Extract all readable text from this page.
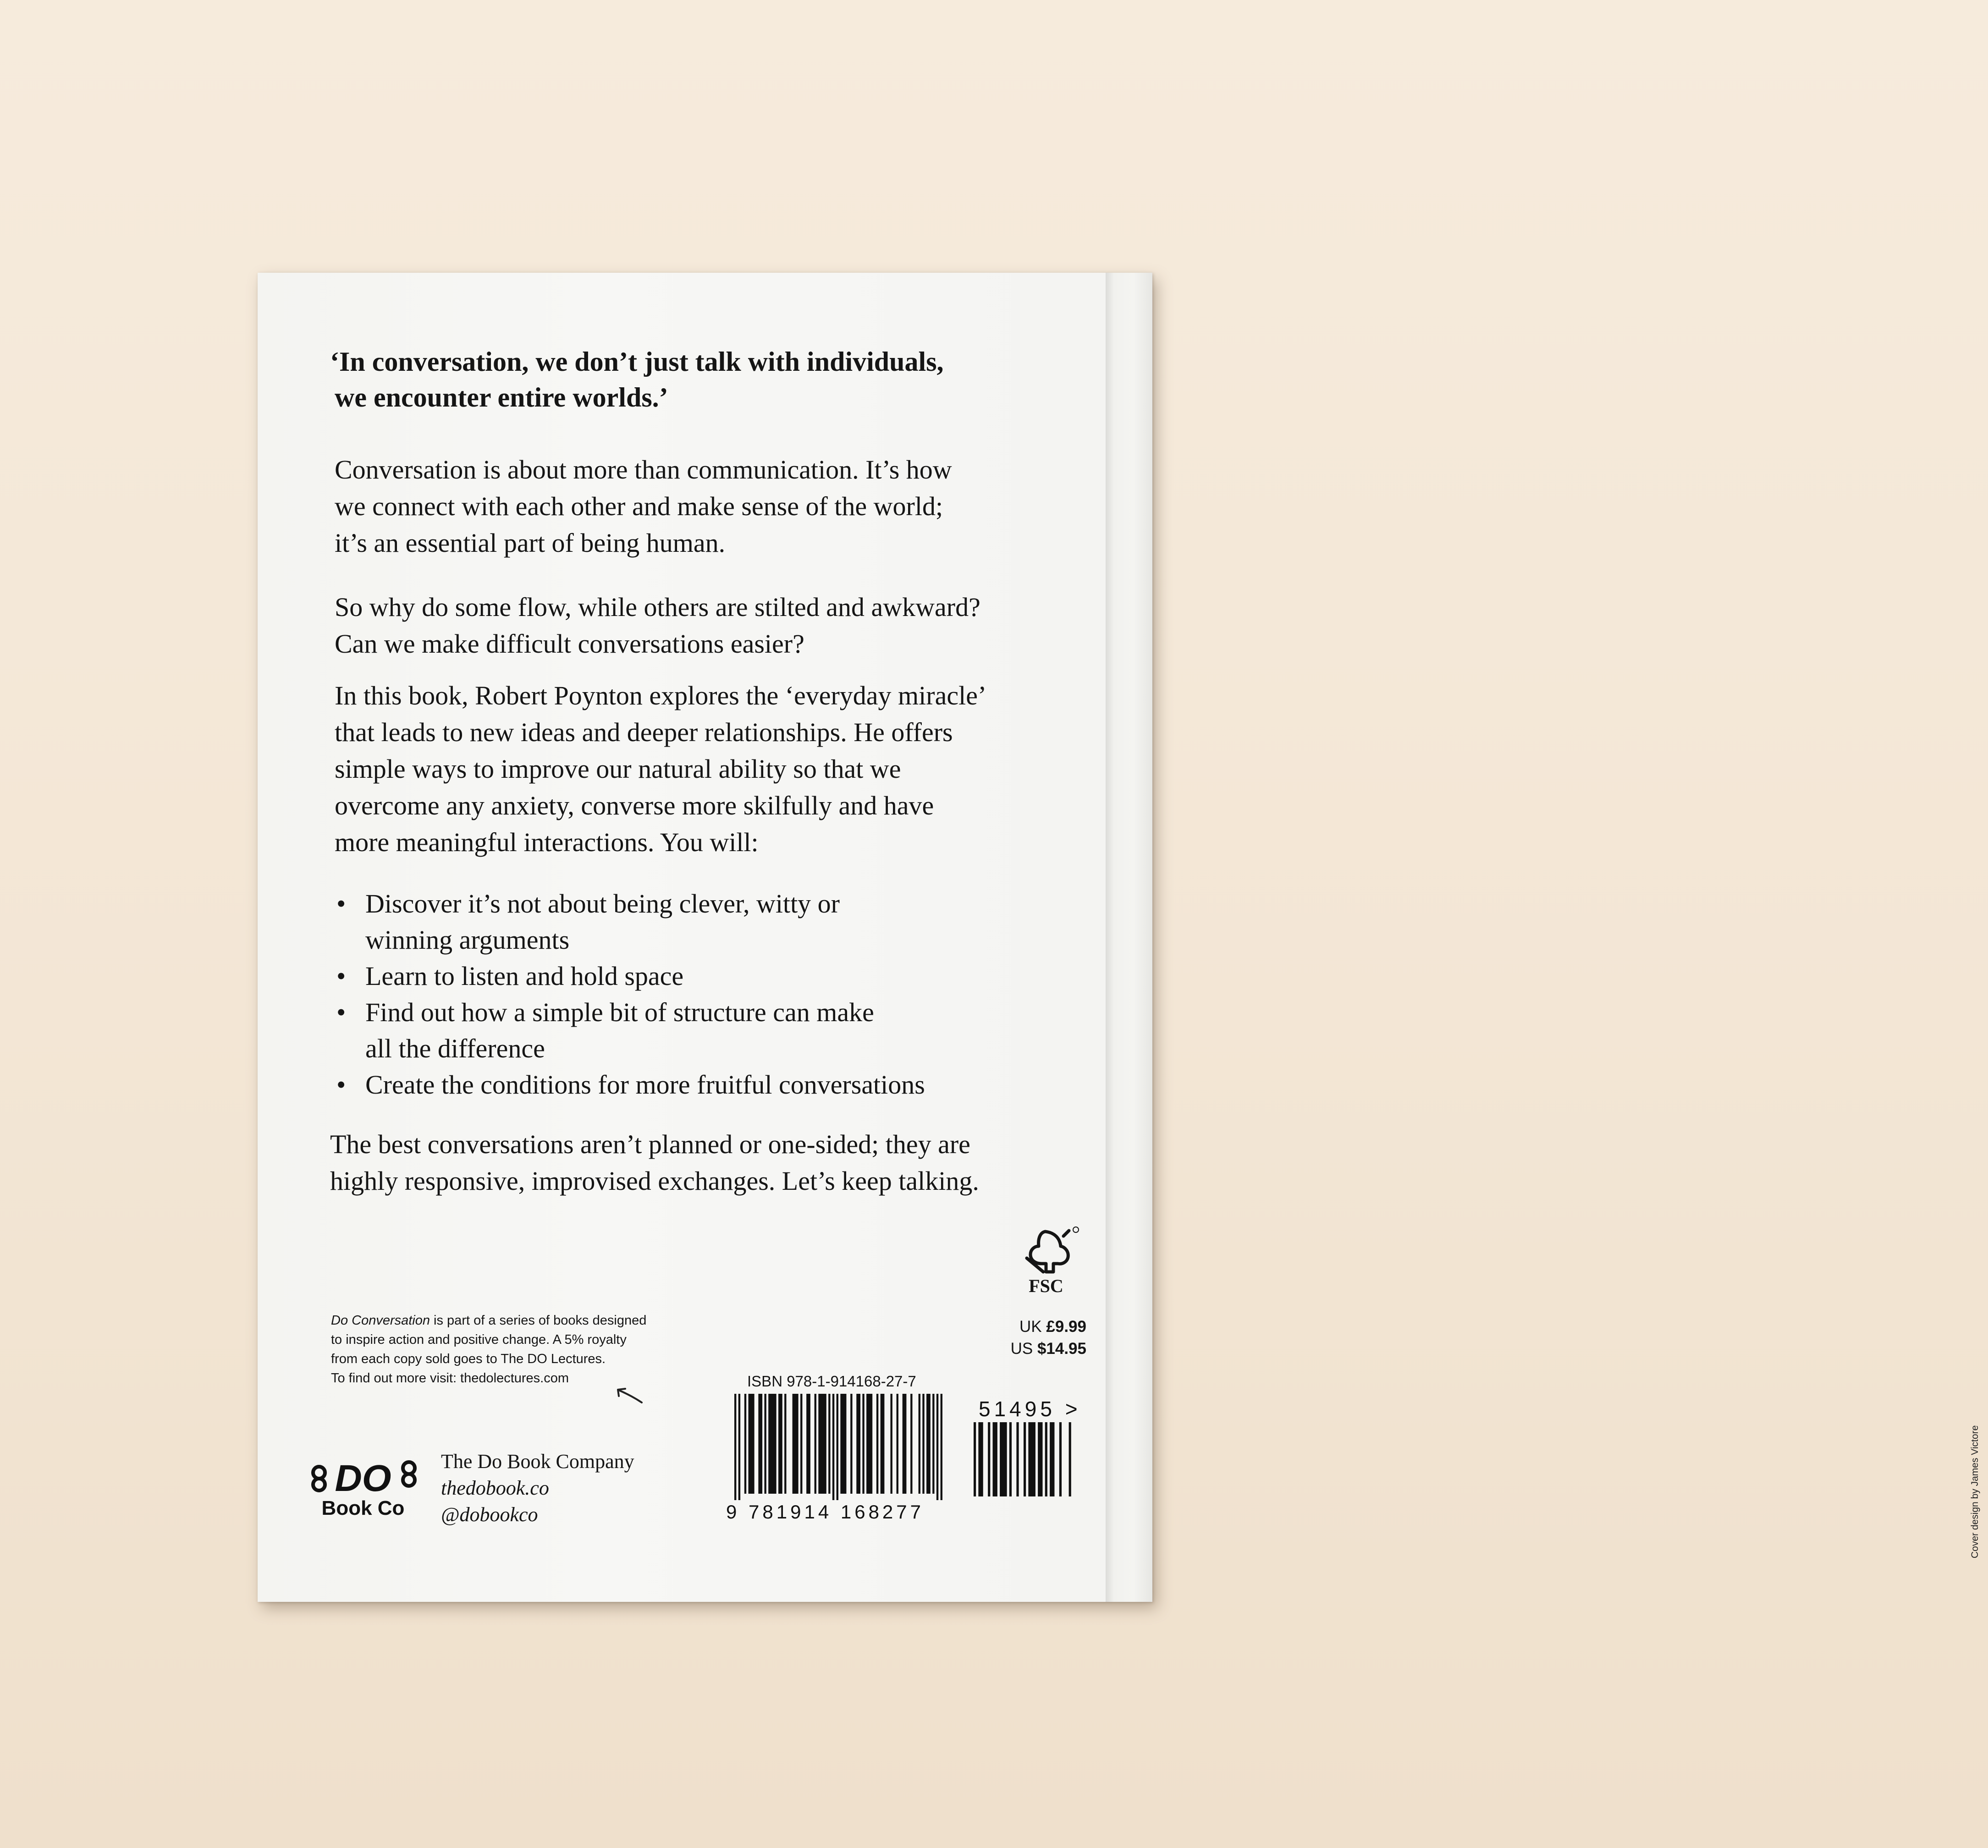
‘In conversation, we don’t just talk with individuals,
we encounter entire worlds.’
Conversation is about more than communication. It’s how
we connect with each other and make sense of the world;
it’s an essential part of being human.
So why do some flow, while others are stilted and awkward?
Can we make difficult conversations easier?
In this book, Robert Poynton explores the ‘everyday miracle’
that leads to new ideas and deeper relationships. He offers
simple ways to improve our natural ability so that we
overcome any anxiety, converse more skilfully and have
more meaningful interactions. You will:
• Discover it’s not about being clever, witty or
winning arguments
• Learn to listen and hold space
• Find out how a simple bit of structure can make
all the difference
• Create the conditions for more fruitful conversations
The best conversations aren’t planned or one-sided; they are
highly responsive, improvised exchanges. Let’s keep talking.
FSC
UK £9.99
US $14.95
Do Conversation is part of a series of books designed
to inspire action and positive change. A 5% royalty
from each copy sold goes to The DO Lectures.
To find out more visit: thedolectures.com
DO
Book Co
The Do Book Company
thedobook.co
@dobookco
ISBN 978-1-914168-27-7
9 781914 168277
51495 >
Cover design by James Victore
